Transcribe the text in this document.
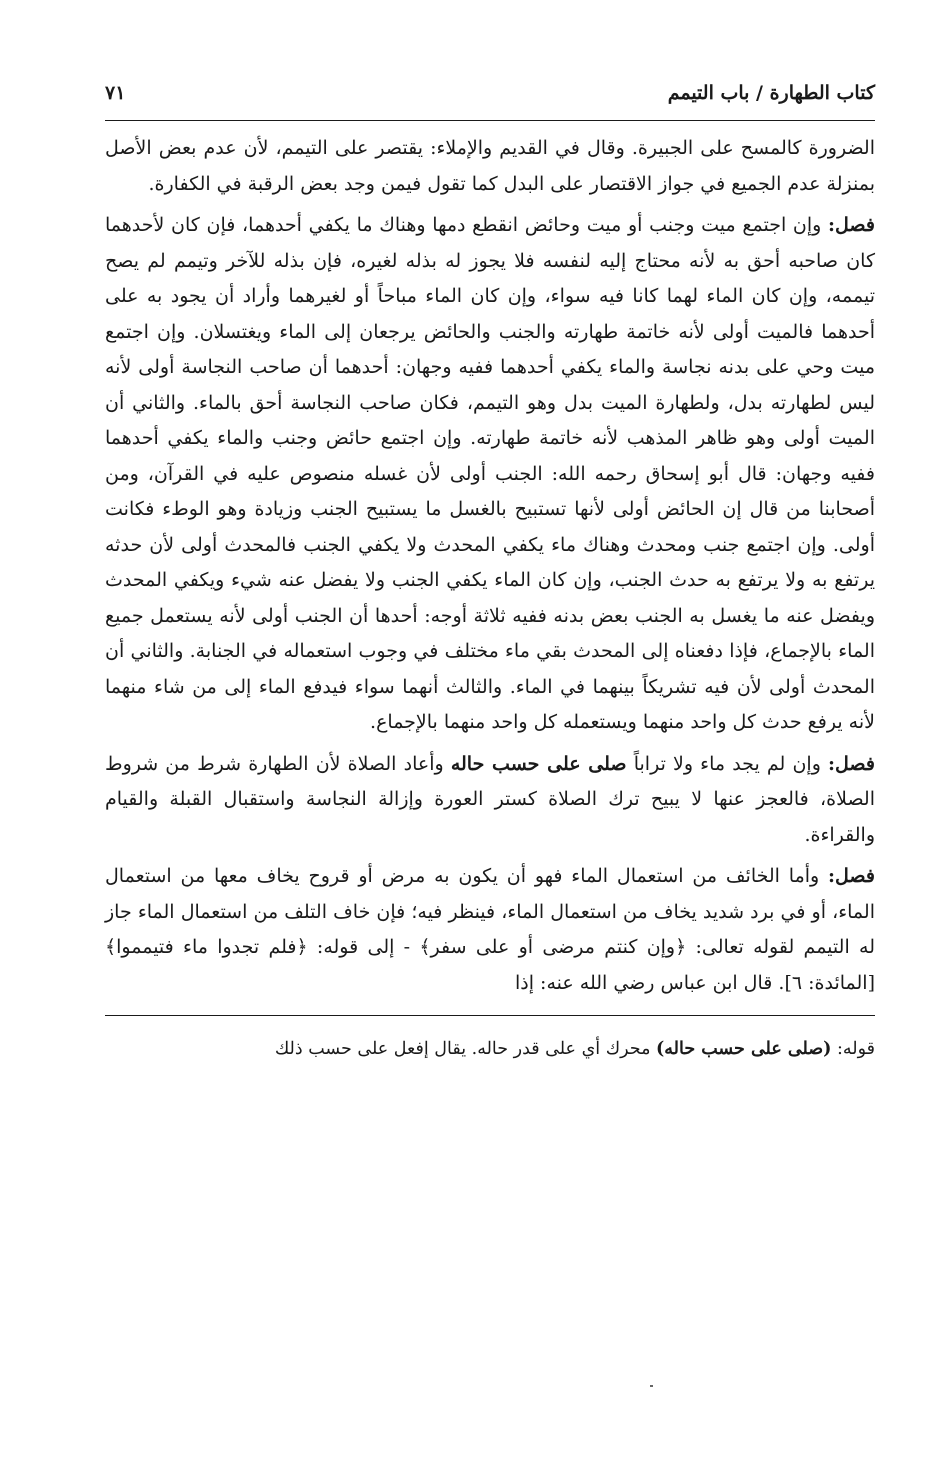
كتاب الطهارة / باب التيمم
٧١

الضرورة كالمسح على الجبيرة. وقال في القديم والإملاء: يقتصر على التيمم، لأن عدم بعض الأصل بمنزلة عدم الجميع في جواز الاقتصار على البدل كما تقول فيمن وجد بعض الرقبة في الكفارة.

فصل: وإن اجتمع ميت وجنب أو ميت وحائض انقطع دمها وهناك ما يكفي أحدهما، فإن كان لأحدهما كان صاحبه أحق به لأنه محتاج إليه لنفسه فلا يجوز له بذله لغيره، فإن بذله للآخر وتيمم لم يصح تيممه، وإن كان الماء لهما كانا فيه سواء، وإن كان الماء مباحاً أو لغيرهما وأراد أن يجود به على أحدهما فالميت أولى لأنه خاتمة طهارته والجنب والحائض يرجعان إلى الماء ويغتسلان. وإن اجتمع ميت وحي على بدنه نجاسة والماء يكفي أحدهما ففيه وجهان: أحدهما أن صاحب النجاسة أولى لأنه ليس لطهارته بدل، ولطهارة الميت بدل وهو التيمم، فكان صاحب النجاسة أحق بالماء. والثاني أن الميت أولى وهو ظاهر المذهب لأنه خاتمة طهارته. وإن اجتمع حائض وجنب والماء يكفي أحدهما ففيه وجهان: قال أبو إسحاق رحمه الله: الجنب أولى لأن غسله منصوص عليه في القرآن، ومن أصحابنا من قال إن الحائض أولى لأنها تستبيح بالغسل ما يستبيح الجنب وزيادة وهو الوطء فكانت أولى. وإن اجتمع جنب ومحدث وهناك ماء يكفي المحدث ولا يكفي الجنب فالمحدث أولى لأن حدثه يرتفع به ولا يرتفع به حدث الجنب، وإن كان الماء يكفي الجنب ولا يفضل عنه شيء ويكفي المحدث ويفضل عنه ما يغسل به الجنب بعض بدنه ففيه ثلاثة أوجه: أحدها أن الجنب أولى لأنه يستعمل جميع الماء بالإجماع، فإذا دفعناه إلى المحدث بقي ماء مختلف في وجوب استعماله في الجنابة. والثاني أن المحدث أولى لأن فيه تشريكاً بينهما في الماء. والثالث أنهما سواء فيدفع الماء إلى من شاء منهما لأنه يرفع حدث كل واحد منهما ويستعمله كل واحد منهما بالإجماع.

فصل: وإن لم يجد ماء ولا تراباً صلى على حسب حاله وأعاد الصلاة لأن الطهارة شرط من شروط الصلاة، فالعجز عنها لا يبيح ترك الصلاة كستر العورة وإزالة النجاسة واستقبال القبلة والقيام والقراءة.

فصل: وأما الخائف من استعمال الماء فهو أن يكون به مرض أو قروح يخاف معها من استعمال الماء، أو في برد شديد يخاف من استعمال الماء، فينظر فيه؛ فإن خاف التلف من استعمال الماء جاز له التيمم لقوله تعالى: ﴿وإن كنتم مرضى أو على سفر﴾ - إلى قوله: ﴿فلم تجدوا ماء فتيمموا﴾ [المائدة: ٦]. قال ابن عباس رضي الله عنه: إذا

قوله: (صلى على حسب حاله) محرك أي على قدر حاله. يقال إفعل على حسب ذلك
